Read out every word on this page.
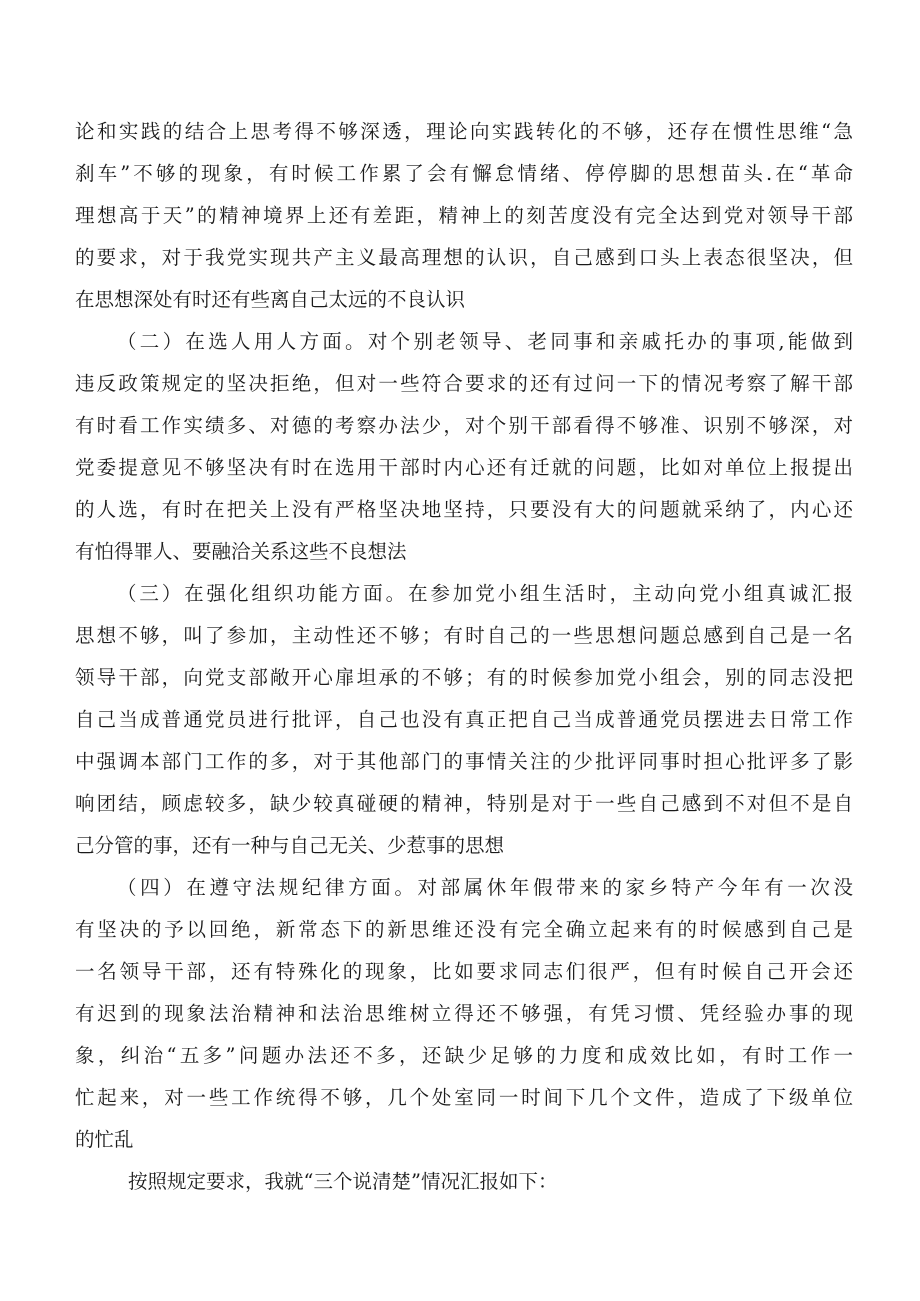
论和实践的结合上思考得不够深透，理论向实践转化的不够，还存在惯性思维“急
刹车”不够的现象，有时候工作累了会有懈怠情绪、停停脚的思想苗头.在“革命
理想高于天”的精神境界上还有差距，精神上的刻苦度没有完全达到党对领导干部
的要求，对于我党实现共产主义最高理想的认识，自己感到口头上表态很坚决，但
在思想深处有时还有些离自己太远的不良认识
（二）在选人用人方面。对个别老领导、老同事和亲戚托办的事项,能做到
违反政策规定的坚决拒绝，但对一些符合要求的还有过问一下的情况考察了解干部
有时看工作实绩多、对德的考察办法少，对个别干部看得不够准、识别不够深，对
党委提意见不够坚决有时在选用干部时内心还有迁就的问题，比如对单位上报提出
的人选，有时在把关上没有严格坚决地坚持，只要没有大的问题就采纳了，内心还
有怕得罪人、要融洽关系这些不良想法
（三）在强化组织功能方面。在参加党小组生活时，主动向党小组真诚汇报
思想不够，叫了参加，主动性还不够；有时自己的一些思想问题总感到自己是一名
领导干部，向党支部敞开心扉坦承的不够；有的时候参加党小组会，别的同志没把
自己当成普通党员进行批评，自己也没有真正把自己当成普通党员摆进去日常工作
中强调本部门工作的多，对于其他部门的事情关注的少批评同事时担心批评多了影
响团结，顾虑较多，缺少较真碰硬的精神，特别是对于一些自己感到不对但不是自
己分管的事，还有一种与自己无关、少惹事的思想
（四）在遵守法规纪律方面。对部属休年假带来的家乡特产今年有一次没
有坚决的予以回绝，新常态下的新思维还没有完全确立起来有的时候感到自己是
一名领导干部，还有特殊化的现象，比如要求同志们很严，但有时候自己开会还
有迟到的现象法治精神和法治思维树立得还不够强，有凭习惯、凭经验办事的现
象，纠治“五多”问题办法还不多，还缺少足够的力度和成效比如，有时工作一
忙起来，对一些工作统得不够，几个处室同一时间下几个文件，造成了下级单位
的忙乱
按照规定要求，我就“三个说清楚”情况汇报如下：
